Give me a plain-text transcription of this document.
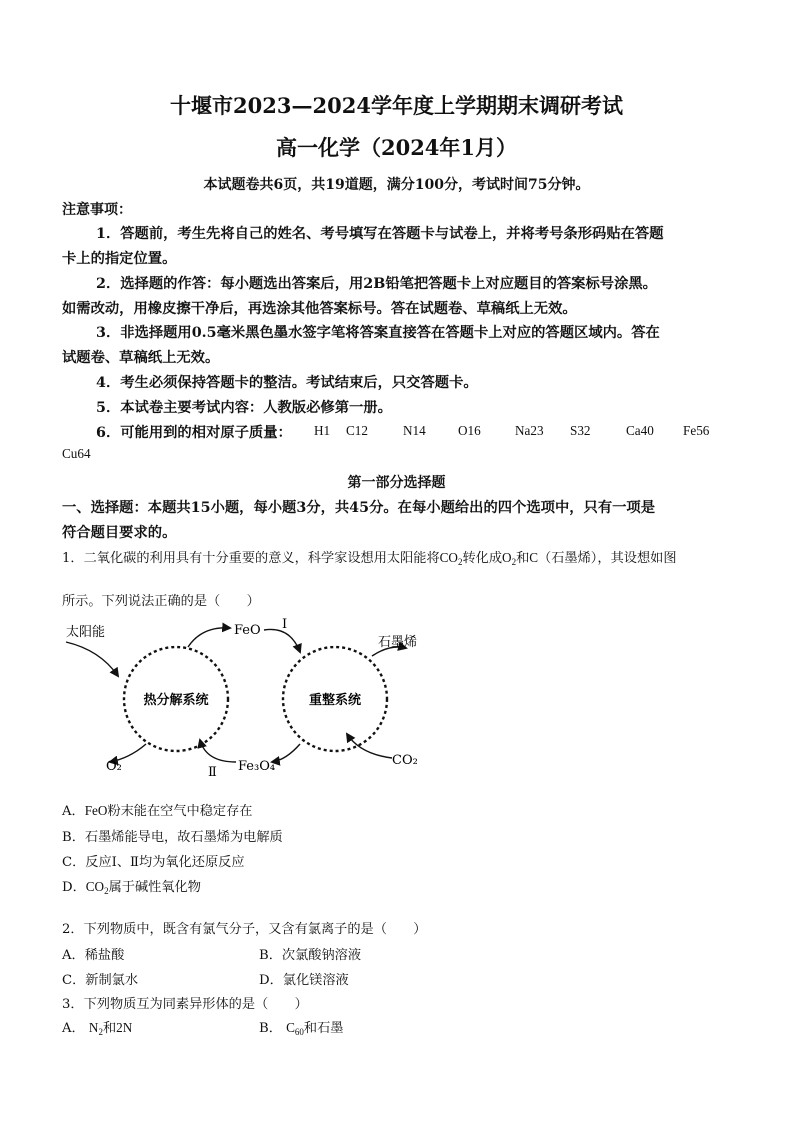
十堰市2023—2024学年度上学期期末调研考试
高一化学（2024年1月）
本试题卷共6页，共19道题，满分100分，考试时间75分钟。
注意事项：
1．答题前，考生先将自己的姓名、考号填写在答题卡与试卷上，并将考号条形码贴在答题
卡上的指定位置。
2．选择题的作答：每小题选出答案后，用2B铅笔把答题卡上对应题目的答案标号涂黑。
如需改动，用橡皮擦干净后，再选涂其他答案标号。答在试题卷、草稿纸上无效。
3．非选择题用0.5毫米黑色墨水签字笔将答案直接答在答题卡上对应的答题区域内。答在
试题卷、草稿纸上无效。
4．考生必须保持答题卡的整洁。考试结束后，只交答题卡。
5．本试卷主要考试内容：人教版必修第一册。
6．可能用到的相对原子质量： H1 C12	N14 O16	Na23 S32	Ca40 Fe56
Cu64
第一部分选择题
一、选择题：本题共15小题，每小题3分，共45分。在每小题给出的四个选项中，只有一项是
符合题目要求的。
1．二氧化碳的利用具有十分重要的意义，科学家设想用太阳能将$CO_2$转化成$O_2$和C（石墨烯），其设想如图
所示。下列说法正确的是（　　）
太阳能	FeO Ⅰ
石墨烯
热分解系统	重整系统
O₂	Ⅱ Fe₃O₄	CO₂
A．FeO粉末能在空气中稳定存在
B．石墨烯能导电，故石墨烯为电解质
C．反应Ⅰ、Ⅱ均为氧化还原反应
D．$CO_2$属于碱性氧化物
2．下列物质中，既含有氯气分子，又含有氯离子的是（　　）
A．稀盐酸	B．次氯酸钠溶液
C．新制氯水	D．氯化镁溶液
3．下列物质互为同素异形体的是（　　）
A． $N_2$和2N	B． $C_{60}$和石墨
